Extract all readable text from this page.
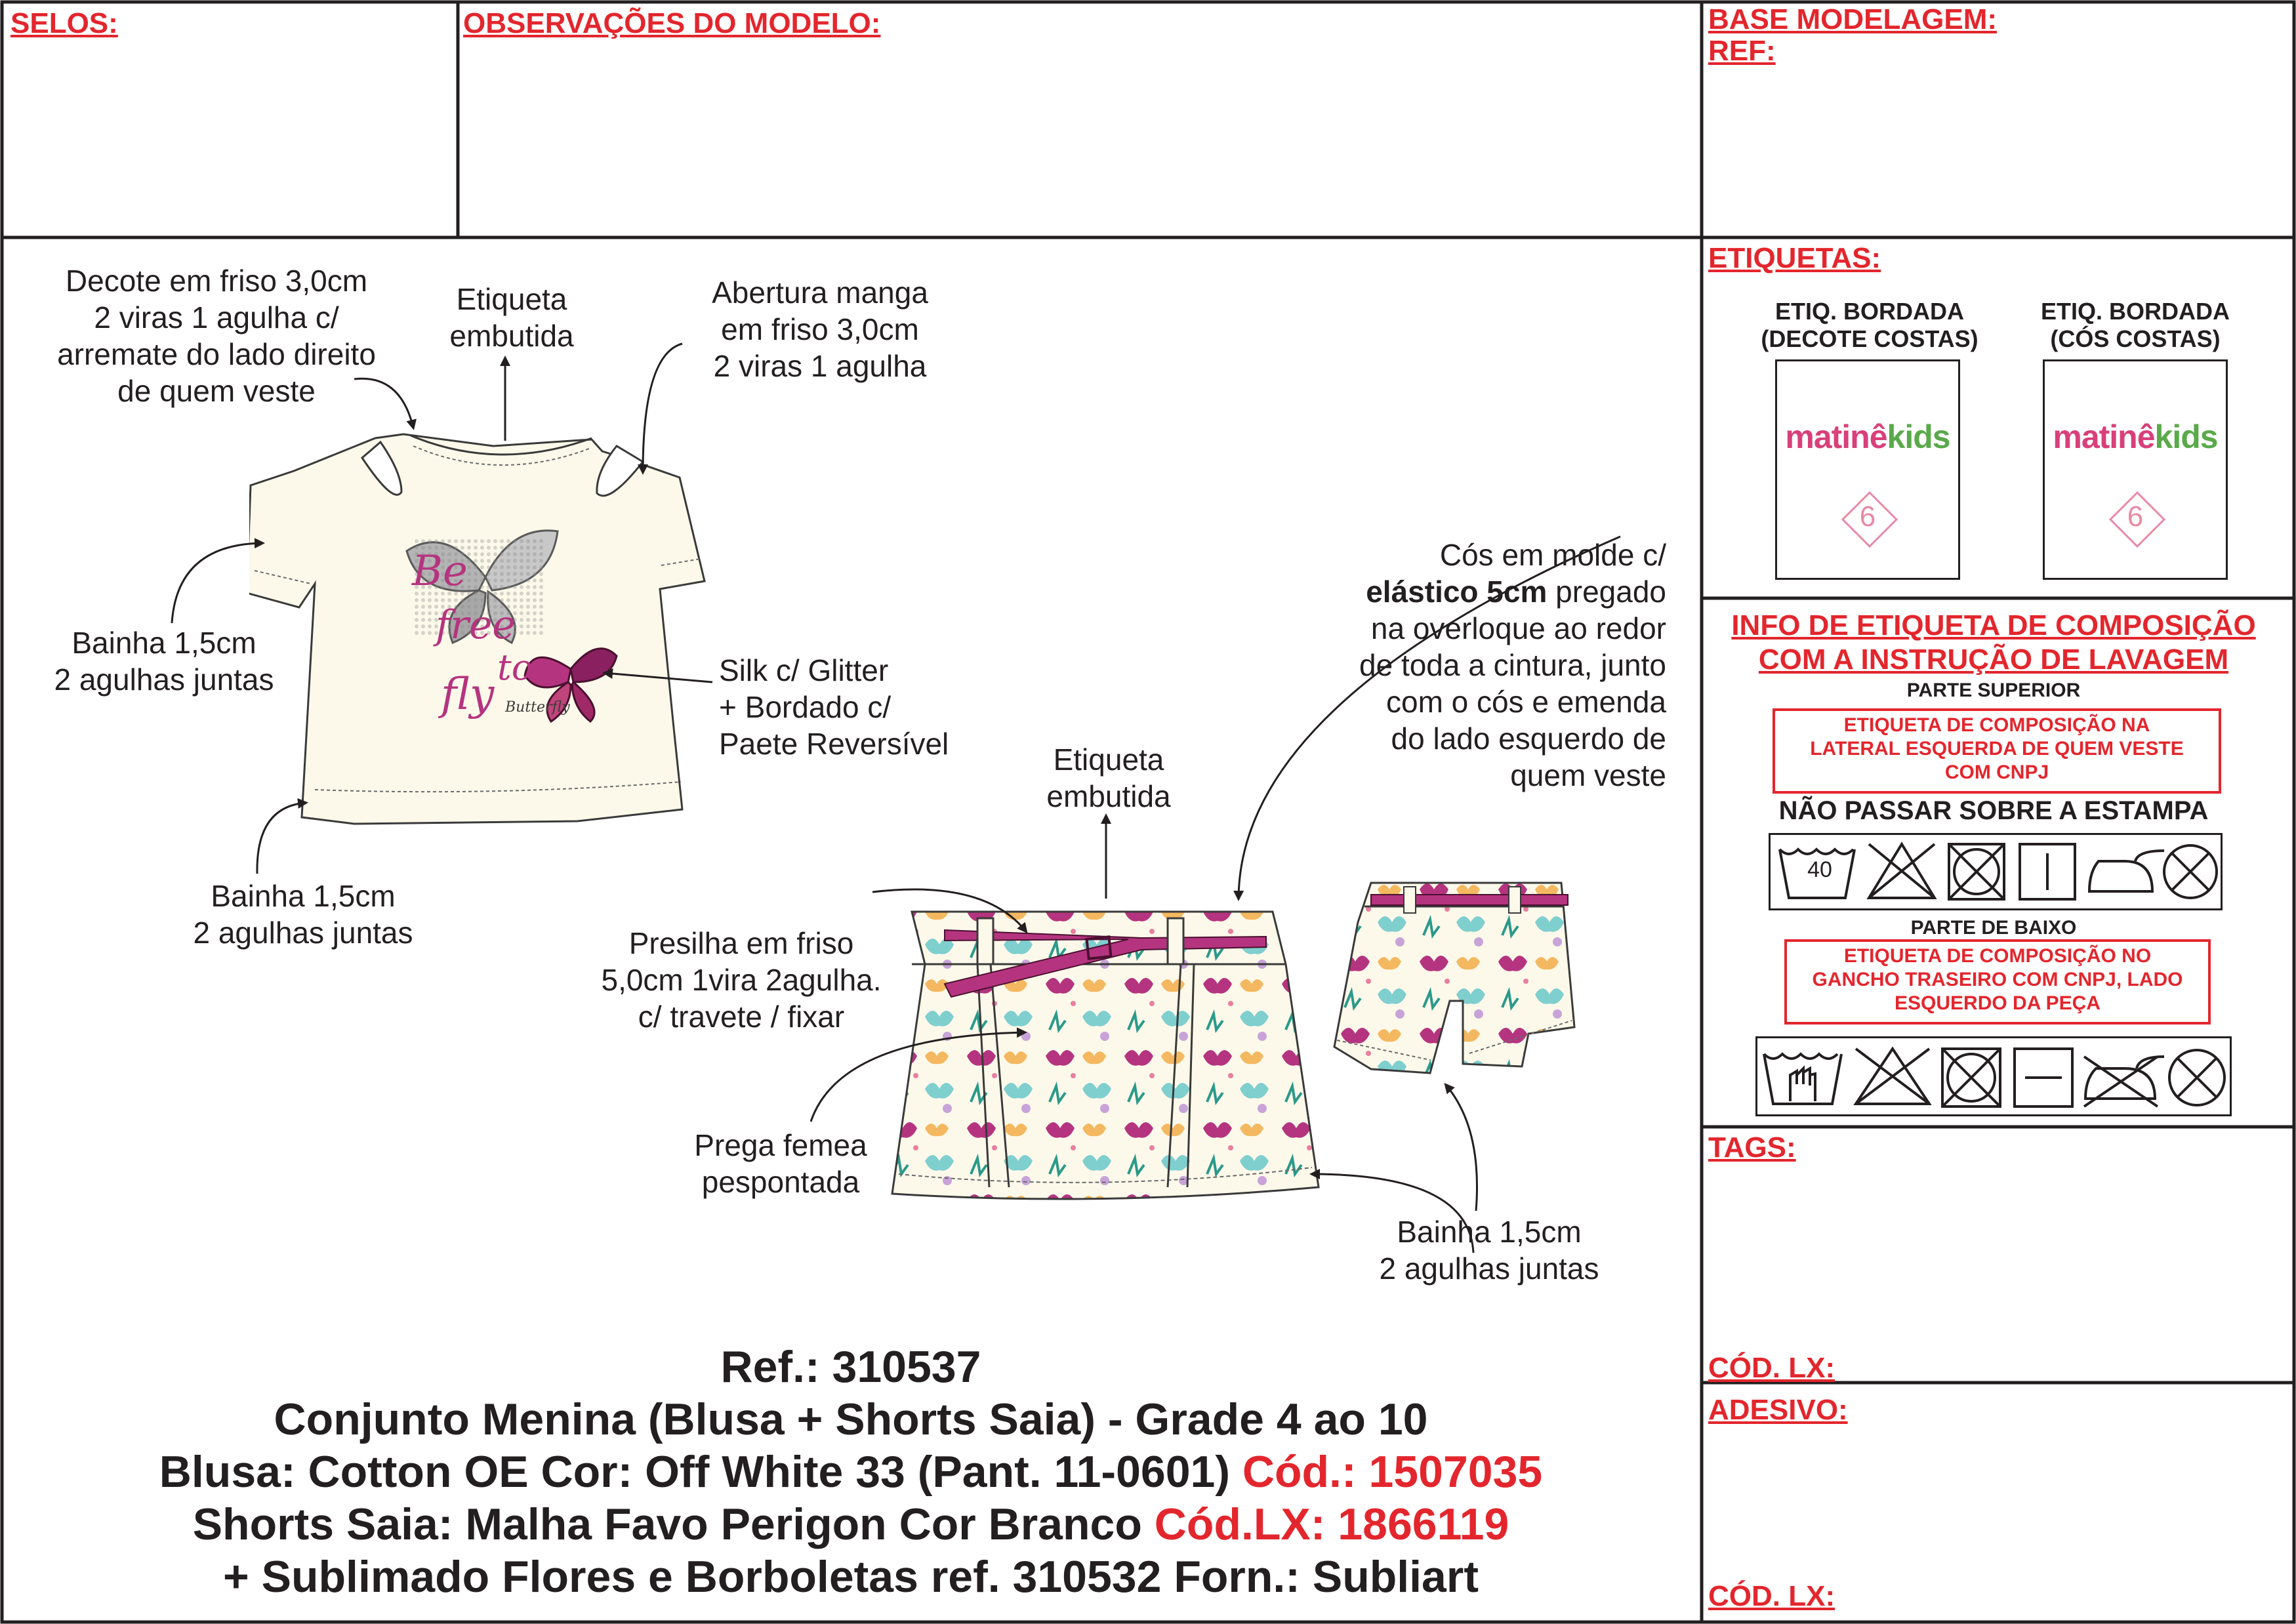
SELOS:	OBSERVAÇÕES DO MODELO:	BASE MODELAGEM:
REF:
Decote em friso 3,0cm
2 viras 1 agulha c/
arremate do lado direito
de quem veste
Etiqueta
embutida
Abertura manga
em friso 3,0cm
2 viras 1 agulha
Bainha 1,5cm
2 agulhas juntas	Silk c/ Glitter
+ Bordado c/
Paete Reversível
Bainha 1,5cm
2 agulhas juntas
Cós em molde c/
elástico 5cm pregado
na overloque ao redor
de toda a cintura, junto
com o cós e emenda
do lado esquerdo de
quem veste
Etiqueta
embutida
Presilha em friso
5,0cm 1vira 2agulha.
c/ travete / fixar
Prega femea
pespontada
Bainha 1,5cm
2 agulhas juntas
Be
free
to
fly Butterfly
Ref.: 310537
Conjunto Menina (Blusa + Shorts Saia) - Grade 4 ao 10
Blusa: Cotton OE Cor: Off White 33 (Pant. 11-0601) Cód.: 1507035
Shorts Saia: Malha Favo Perigon Cor Branco Cód.LX: 1866119
+ Sublimado Flores e Borboletas ref. 310532 Forn.: Subliart
ETIQUETAS:
ETIQ. BORDADA
(DECOTE COSTAS)
matinêkids
6
ETIQ. BORDADA
(CÓS COSTAS)
matinêkids
6
INFO DE ETIQUETA DE COMPOSIÇÃO
COM A INSTRUÇÃO DE LAVAGEM
PARTE SUPERIOR
ETIQUETA DE COMPOSIÇÃO NA
LATERAL ESQUERDA DE QUEM VESTE
COM CNPJ
NÃO PASSAR SOBRE A ESTAMPA
40
PARTE DE BAIXO
ETIQUETA DE COMPOSIÇÃO NO
GANCHO TRASEIRO COM CNPJ, LADO
ESQUERDO DA PEÇA
TAGS:
CÓD. LX:
ADESIVO:
CÓD. LX:
